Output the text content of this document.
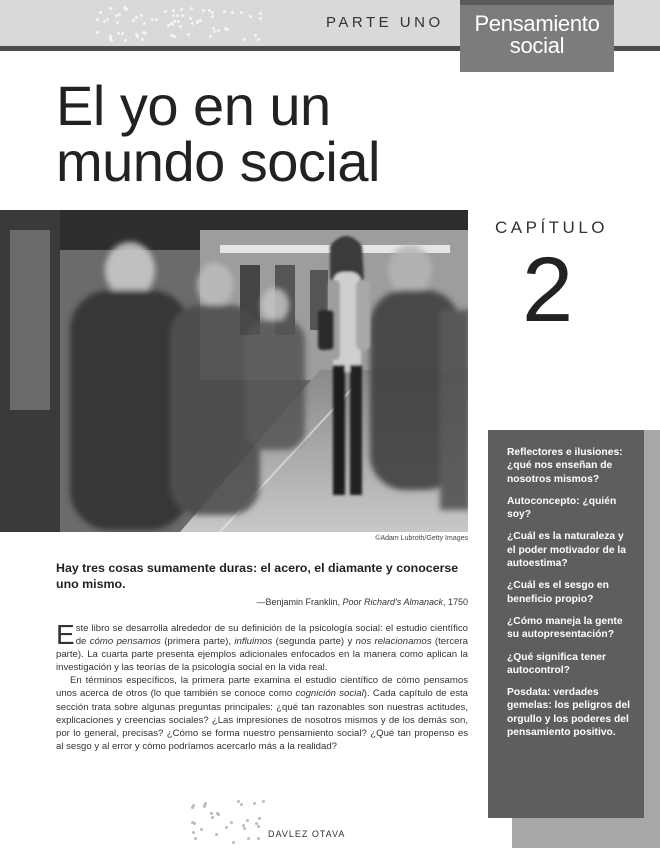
PARTE UNO	Pensamiento social
El yo en un
mundo social
©Adam Lubroth/Getty Images
CAPÍTULO
2
Reflectores e ilusiones: ¿qué nos enseñan de nosotros mismos?
Autoconcepto: ¿quién soy?
¿Cuál es la naturaleza y el poder motivador de la autoestima?
¿Cuál es el sesgo en beneficio propio?
¿Cómo maneja la gente su autopresentación?
¿Qué significa tener autocontrol?
Posdata: verdades gemelas: los peligros del orgullo y los poderes del pensamiento positivo.
Hay tres cosas sumamente duras: el acero, el diamante y conocerse uno mismo.
—Benjamin Franklin, Poor Richard's Almanack, 1750

Este libro se desarrolla alrededor de su definición de la psicología social: el estudio científico de cómo pensamos (primera parte), influimos (segunda parte) y nos relacionamos (tercera parte). La cuarta parte presenta ejemplos adicionales enfocados en la manera como aplican la investigación y las teorías de la psicología social en la vida real.

En términos específicos, la primera parte examina el estudio científico de cómo pensamos unos acerca de otros (lo que también se conoce como cognición social). Cada capítulo de esta sección trata sobre algunas preguntas principales: ¿qué tan razonables son nuestras actitudes, explicaciones y creencias sociales? ¿Las impresiones de nosotros mismos y de los demás son, por lo general, precisas? ¿Cómo se forma nuestro pensamiento social? ¿Qué tan propenso es al sesgo y al error y cómo podríamos acercarlo más a la realidad?

DAVLEZ OTAVA
